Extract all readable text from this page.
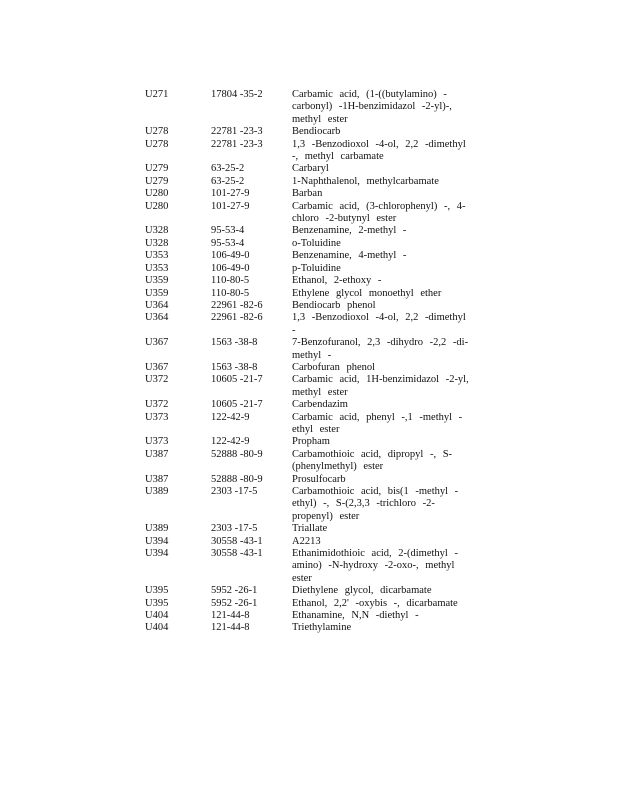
U271	17804 -35-2	Carbamic acid, (1-((butylamino) -carbonyl) -1H-benzimidazol -2-yl)-, methyl ester
U278	22781 -23-3	Bendiocarb
U278	22781 -23-3	1,3 -Benzodioxol -4-ol, 2,2 -dimethyl -, methyl carbamate
U279	63-25-2	Carbaryl
U279	63-25-2	1-Naphthalenol, methylcarbamate
U280	101-27-9	Barban
U280	101-27-9	Carbamic acid, (3-chlorophenyl) -, 4-chloro -2-butynyl ester
U328	95-53-4	Benzenamine, 2-methyl -
U328	95-53-4	o-Toluidine
U353	106-49-0	Benzenamine, 4-methyl -
U353	106-49-0	p-Toluidine
U359	110-80-5	Ethanol, 2-ethoxy -
U359	110-80-5	Ethylene glycol monoethyl ether
U364	22961 -82-6	Bendiocarb phenol
U364	22961 -82-6	1,3 -Benzodioxol -4-ol, 2,2 -dimethyl -
U367	1563 -38-8	7-Benzofuranol, 2,3 -dihydro -2,2 -di-methyl -
U367	1563 -38-8	Carbofuran phenol
U372	10605 -21-7	Carbamic acid, 1H-benzimidazol -2-yl, methyl ester
U372	10605 -21-7	Carbendazim
U373	122-42-9	Carbamic acid, phenyl -,1 -methyl -ethyl ester
U373	122-42-9	Propham
U387	52888 -80-9	Carbamothioic acid, dipropyl -, S-(phenylmethyl) ester
U387	52888 -80-9	Prosulfocarb
U389	2303 -17-5	Carbamothioic acid, bis(1 -methyl -ethyl) -, S-(2,3,3 -trichloro -2-propenyl) ester
U389	2303 -17-5	Triallate
U394	30558 -43-1	A2213
U394	30558 -43-1	Ethanimidothioic acid, 2-(dimethyl -amino) -N-hydroxy -2-oxo-, methyl ester
U395	5952 -26-1	Diethylene glycol, dicarbamate
U395	5952 -26-1	Ethanol, 2,2' -oxybis -, dicarbamate
U404	121-44-8	Ethanamine, N,N -diethyl -
U404	121-44-8	Triethylamine
